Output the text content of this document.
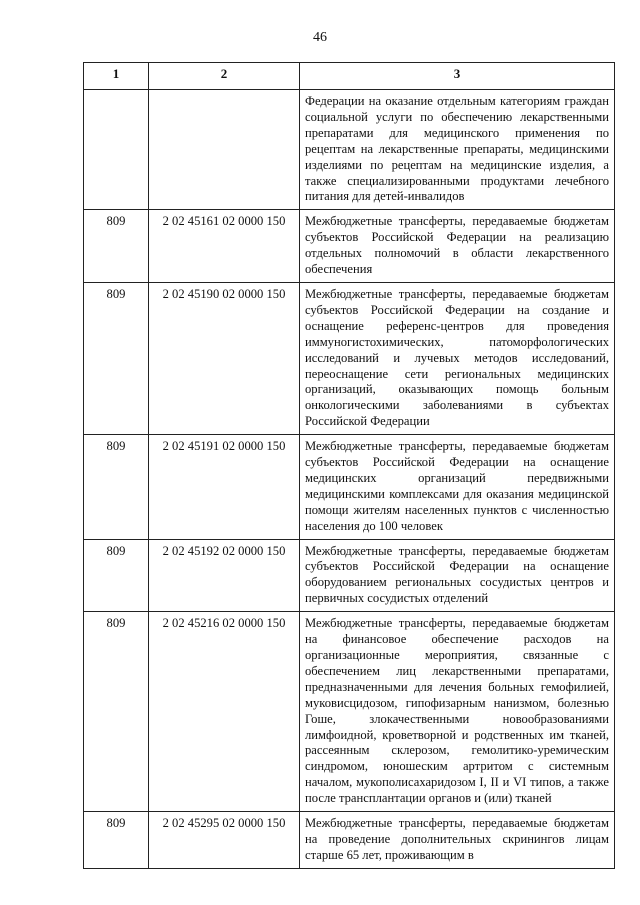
46
1	2	3
		Федерации на оказание отдельным категориям граждан социальной услуги по обеспечению лекарственными препаратами для медицинского применения по рецептам на лекарственные препараты, медицинскими изделиями по рецептам на медицинские изделия, а также специализированными продуктами лечебного питания для детей-инвалидов
809	2 02 45161 02 0000 150	Межбюджетные трансферты, передаваемые бюджетам субъектов Российской Федерации на реализацию отдельных полномочий в области лекарственного обеспечения
809	2 02 45190 02 0000 150	Межбюджетные трансферты, передаваемые бюджетам субъектов Российской Федерации на создание и оснащение референс-центров для проведения иммуногистохимических, патоморфологических исследований и лучевых методов исследований, переоснащение сети региональных медицинских организаций, оказывающих помощь больным онкологическими заболеваниями в субъектах Российской Федерации
809	2 02 45191 02 0000 150	Межбюджетные трансферты, передаваемые бюджетам субъектов Российской Федерации на оснащение медицинских организаций передвижными медицинскими комплексами для оказания медицинской помощи жителям населенных пунктов с численностью населения до 100 человек
809	2 02 45192 02 0000 150	Межбюджетные трансферты, передаваемые бюджетам субъектов Российской Федерации на оснащение оборудованием региональных сосудистых центров и первичных сосудистых отделений
809	2 02 45216 02 0000 150	Межбюджетные трансферты, передаваемые бюджетам на финансовое обеспечение расходов на организационные мероприятия, связанные с обеспечением лиц лекарственными препаратами, предназначенными для лечения больных гемофилией, муковисцидозом, гипофизарным нанизмом, болезнью Гоше, злокачественными новообразованиями лимфоидной, кроветворной и родственных им тканей, рассеянным склерозом, гемолитико-уремическим синдромом, юношеским артритом с системным началом, мукополисахаридозом I, II и VI типов, а также после трансплантации органов и (или) тканей
809	2 02 45295 02 0000 150	Межбюджетные трансферты, передаваемые бюджетам на проведение дополнительных скринингов лицам старше 65 лет, проживающим в
